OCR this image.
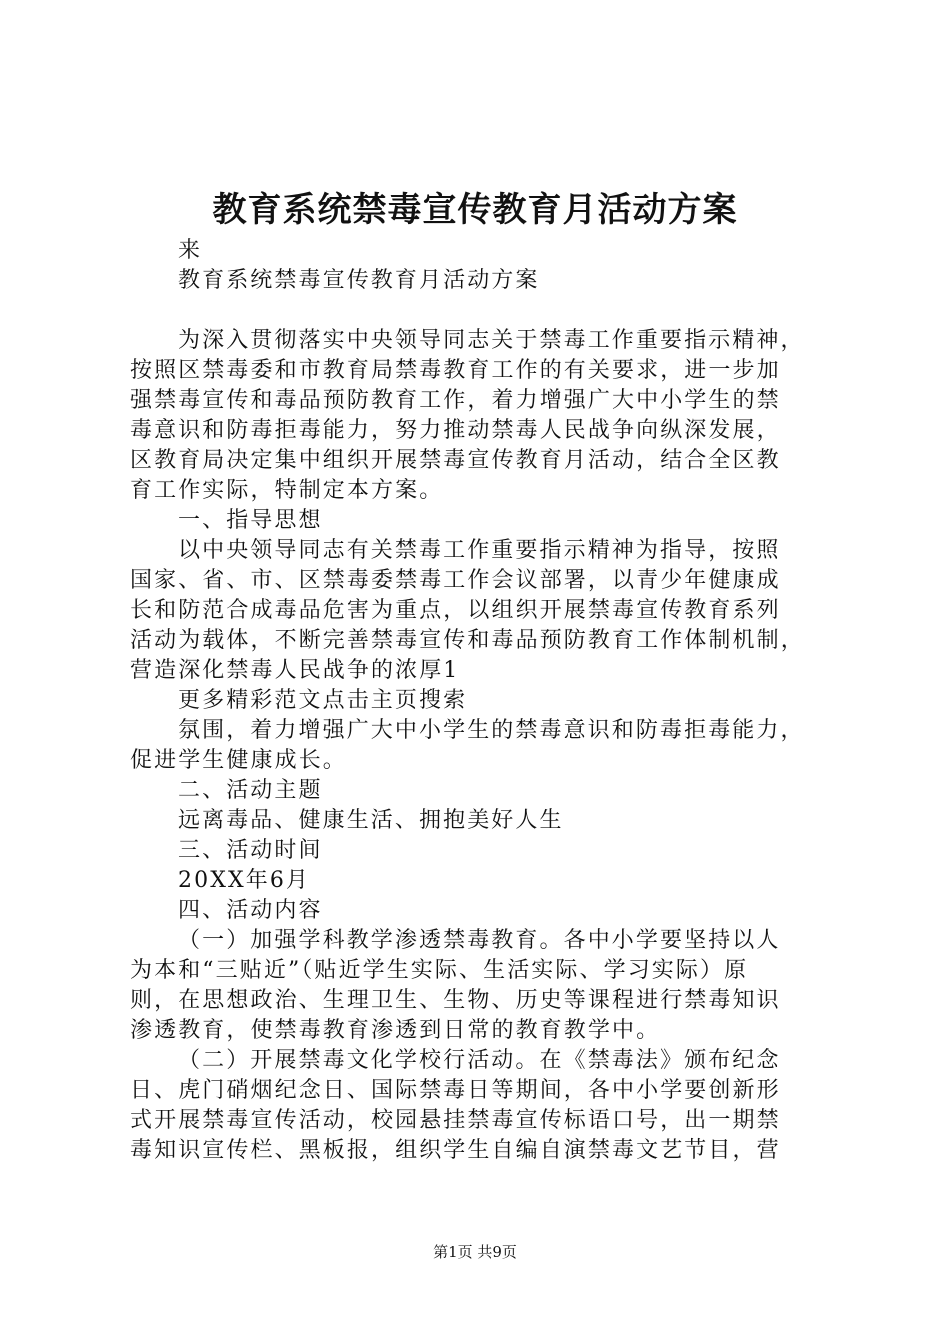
教育系统禁毒宣传教育月活动方案
来
教育系统禁毒宣传教育月活动方案
为深入贯彻落实中央领导同志关于禁毒工作重要指示精神，
按照区禁毒委和市教育局禁毒教育工作的有关要求，进一步加
强禁毒宣传和毒品预防教育工作，着力增强广大中小学生的禁
毒意识和防毒拒毒能力，努力推动禁毒人民战争向纵深发展，
区教育局决定集中组织开展禁毒宣传教育月活动，结合全区教
育工作实际，特制定本方案。
一、指导思想
以中央领导同志有关禁毒工作重要指示精神为指导，按照
国家、省、市、区禁毒委禁毒工作会议部署，以青少年健康成
长和防范合成毒品危害为重点，以组织开展禁毒宣传教育系列
活动为载体，不断完善禁毒宣传和毒品预防教育工作体制机制，
营造深化禁毒人民战争的浓厚1
更多精彩范文点击主页搜索
氛围，着力增强广大中小学生的禁毒意识和防毒拒毒能力，
促进学生健康成长。
二、活动主题
远离毒品、健康生活、拥抱美好人生
三、活动时间
20XX年6月
四、活动内容
（一）加强学科教学渗透禁毒教育。各中小学要坚持以人
为本和“三贴近”（贴近学生实际、生活实际、学习实际）原
则，在思想政治、生理卫生、生物、历史等课程进行禁毒知识
渗透教育，使禁毒教育渗透到日常的教育教学中。
（二）开展禁毒文化学校行活动。在《禁毒法》颁布纪念
日、虎门硝烟纪念日、国际禁毒日等期间，各中小学要创新形
式开展禁毒宣传活动，校园悬挂禁毒宣传标语口号，出一期禁
毒知识宣传栏、黑板报，组织学生自编自演禁毒文艺节目，营
第1页 共9页
